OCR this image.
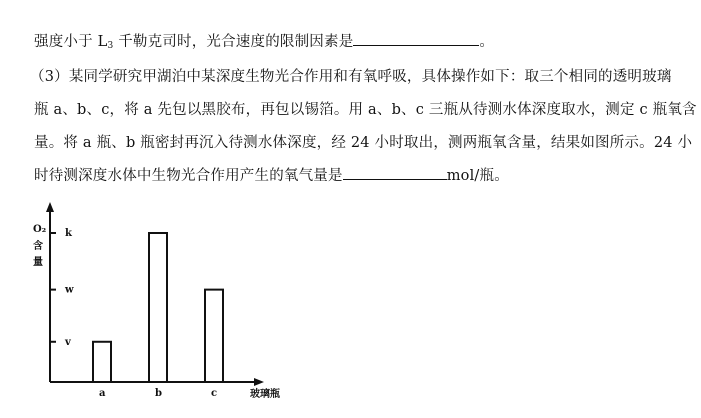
强度小于 $L_3$ 千勒克司时，光合速度的限制因素是	。
（3）某同学研究甲湖泊中某深度生物光合作用和有氧呼吸，具体操作如下：取三个相同的透明玻璃
瓶 a、b、c，将 a 先包以黑胶布，再包以锡箔。用 a、b、c 三瓶从待测水体深度取水，测定 c 瓶氧含
量。将 a 瓶、b 瓶密封再沉入待测水体深度，经 24 小时取出，测两瓶氧含量，结果如图所示。24 小
时待测深度水体中生物光合作用产生的氧气量是	mol/瓶。
O₂
含
量
玻璃瓶
k
w
v
a	b	c
